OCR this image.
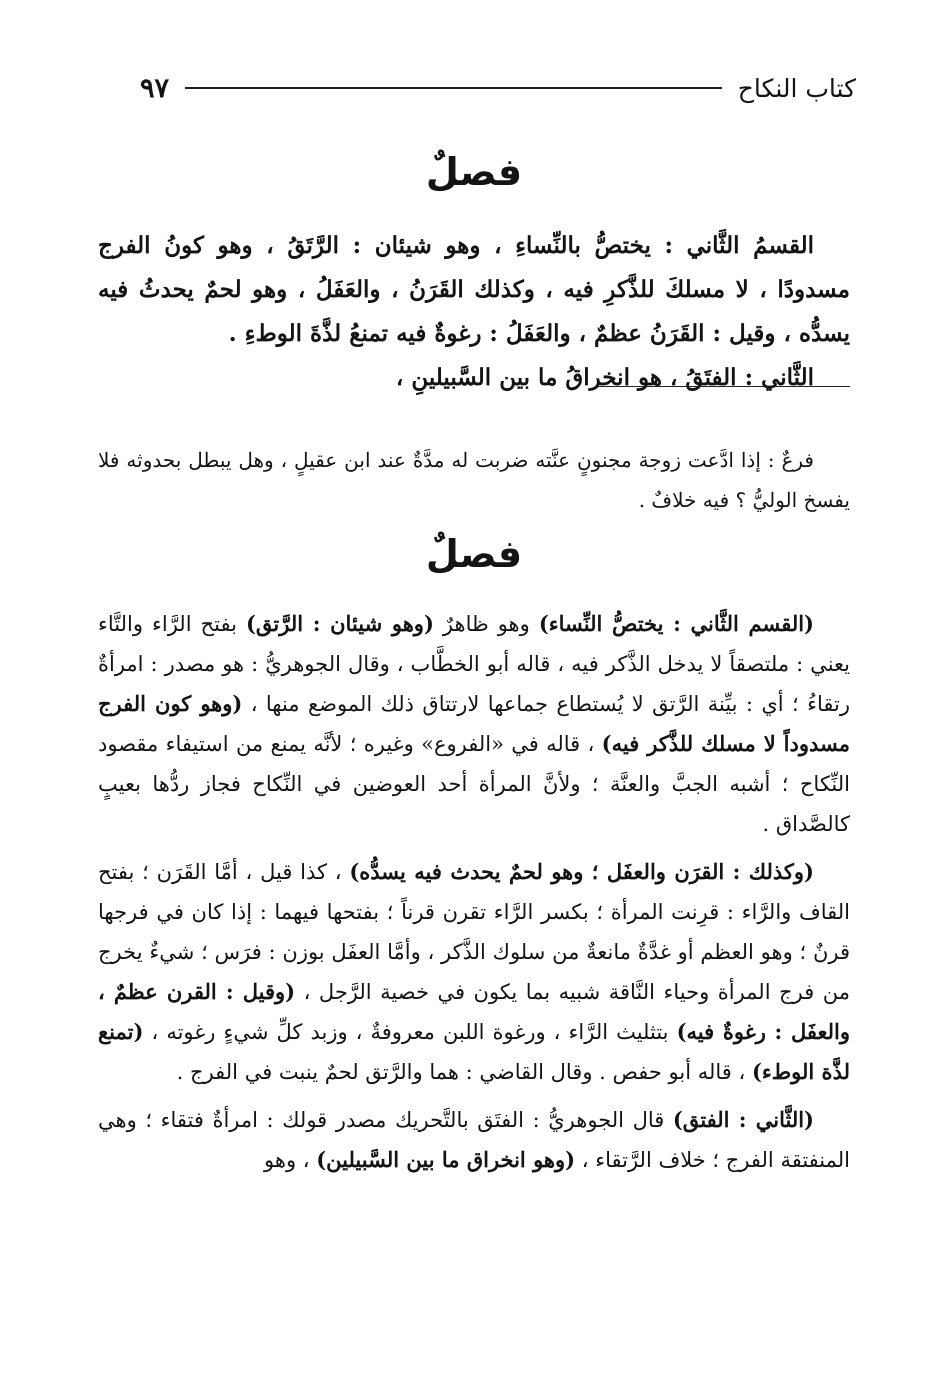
كتاب النكاح
٩٧
فصلٌ

القسمُ الثَّاني : يختصُّ بالنِّساءِ ، وهو شيئان : الرَّتَقُ ، وهو كونُ الفرج مسدودًا ، لا مسلكَ للذَّكرِ فيه ، وكذلك القَرَنُ ، والعَفَلُ ، وهو لحمٌ يحدثُ فيه يسدُّه ، وقيل : القَرَنُ عظمٌ ، والعَفَلُ : رغوةٌ فيه تمنعُ لذَّةَ الوطءِ .

الثَّاني : الفتَقُ ، هو انخراقُ ما بين السَّبيلينِ ،

فرعٌ : إذا ادَّعت زوجة مجنونٍ عنَّته ضربت له مدَّةٌ عند ابن عقيلٍ ، وهل يبطل بحدوثه فلا يفسخ الوليُّ ؟ فيه خلافٌ .

فصلٌ

(القسم الثَّاني : يختصُّ النِّساء) وهو ظاهرٌ (وهو شيئان : الرَّتق) بفتح الرَّاء والتَّاء يعني : ملتصقاً لا يدخل الذَّكر فيه ، قاله أبو الخطَّاب ، وقال الجوهريُّ : هو مصدر : امرأةٌ رتقاءُ ؛ أي : بيِّنة الرَّتق لا يُستطاع جماعها لارتتاق ذلك الموضع منها ، (وهو كون الفرج مسدوداً لا مسلك للذَّكر فيه) ، قاله في «الفروع» وغيره ؛ لأنَّه يمنع من استيفاء مقصود النِّكاح ؛ أشبه الجبَّ والعنَّة ؛ ولأنَّ المرأة أحد العوضين في النِّكاح فجاز ردُّها بعيبٍ كالصَّداق .

(وكذلك : القرَن والعفَل ؛ وهو لحمٌ يحدث فيه يسدُّه) ، كذا قيل ، أمَّا القَرَن ؛ بفتح القاف والرَّاء : قرِنت المرأة ؛ بكسر الرَّاء تقرن قرناً ؛ بفتحها فيهما : إذا كان في فرجها قرنٌ ؛ وهو العظم أو غدَّةٌ مانعةٌ من سلوك الذَّكر ، وأمَّا العفَل بوزن : فرَس ؛ شيءٌ يخرج من فرج المرأة وحياء النَّاقة شبيه بما يكون في خصية الرَّجل ، (وقيل : القرن عظمٌ ، والعفَل : رغوةٌ فيه) بتثليث الرَّاء ، ورغوة اللبن معروفةٌ ، وزبد كلِّ شيءٍ رغوته ، (تمنع لذَّة الوطء) ، قاله أبو حفص . وقال القاضي : هما والرَّتق لحمٌ ينبت في الفرج .

(الثَّاني : الفتق) قال الجوهريُّ : الفتَق بالتَّحريك مصدر قولك : امرأةٌ فتقاء ؛ وهي المنفتقة الفرج ؛ خلاف الرَّتقاء ، (وهو انخراق ما بين السَّبيلين) ، وهو
